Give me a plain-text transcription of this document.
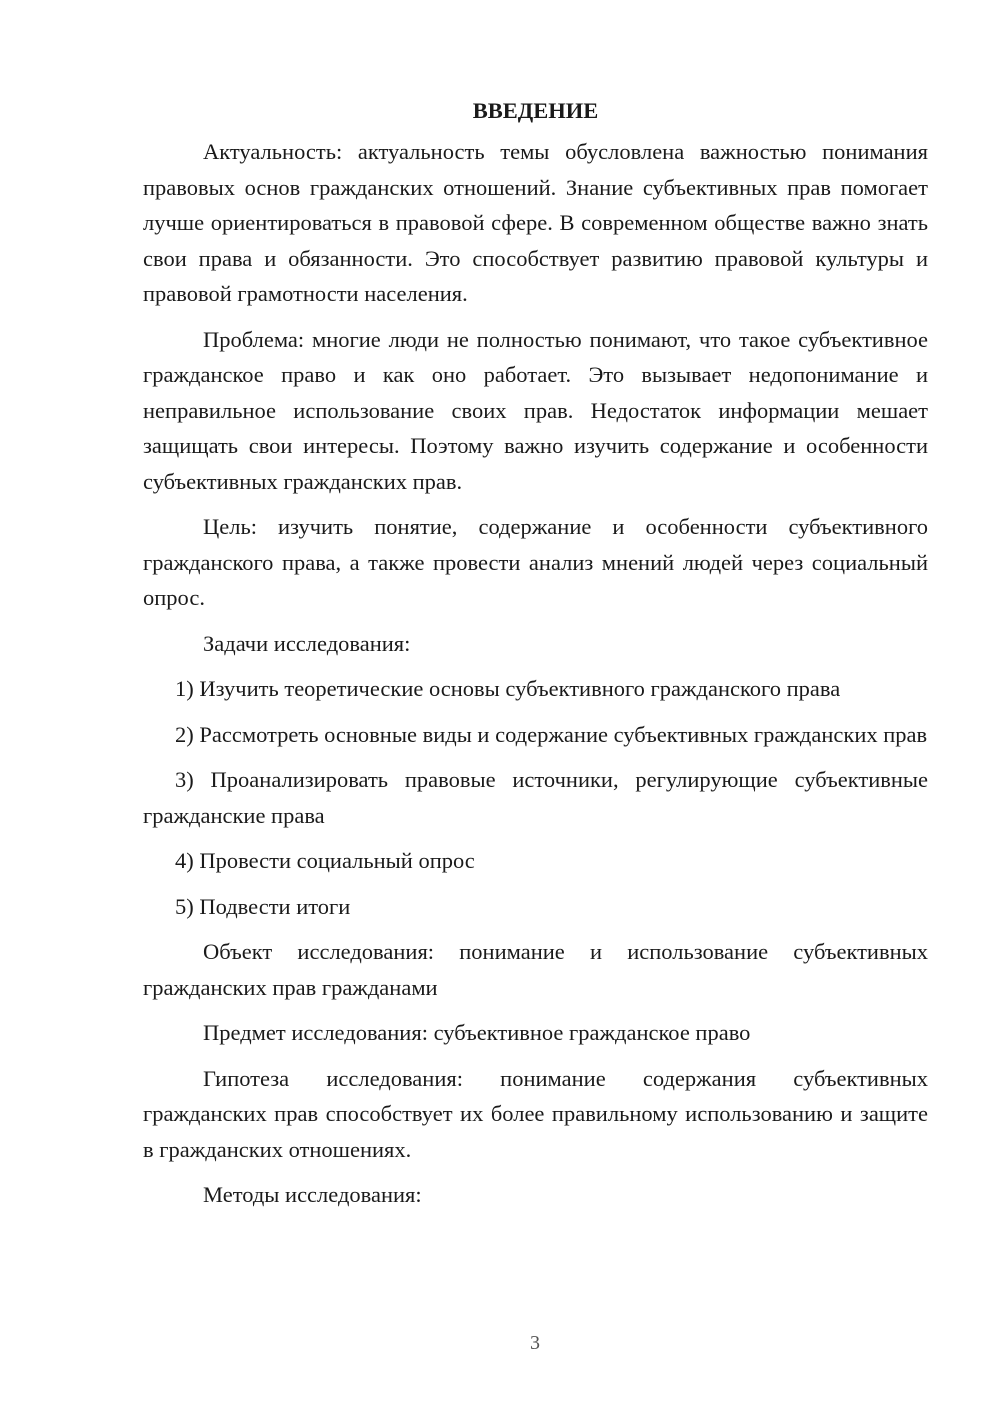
ВВЕДЕНИЕ

Актуальность: актуальность темы обусловлена важностью понимания правовых основ гражданских отношений. Знание субъективных прав помогает лучше ориентироваться в правовой сфере. В современном обществе важно знать свои права и обязанности. Это способствует развитию правовой культуры и правовой грамотности населения.

Проблема: многие люди не полностью понимают, что такое субъективное гражданское право и как оно работает. Это вызывает недопонимание и неправильное использование своих прав. Недостаток информации мешает защищать свои интересы. Поэтому важно изучить содержание и особенности субъективных гражданских прав.

Цель: изучить понятие, содержание и особенности субъективного гражданского права, а также провести анализ мнений людей через социальный опрос.

Задачи исследования:

1) Изучить теоретические основы субъективного гражданского права

2) Рассмотреть основные виды и содержание субъективных гражданских прав

3) Проанализировать правовые источники, регулирующие субъективные гражданские права

4) Провести социальный опрос

5) Подвести итоги

Объект исследования: понимание и использование субъективных гражданских прав гражданами

Предмет исследования: субъективное гражданское право

Гипотеза исследования: понимание содержания субъективных гражданских прав способствует их более правильному использованию и защите в гражданских отношениях.

Методы исследования:

3
